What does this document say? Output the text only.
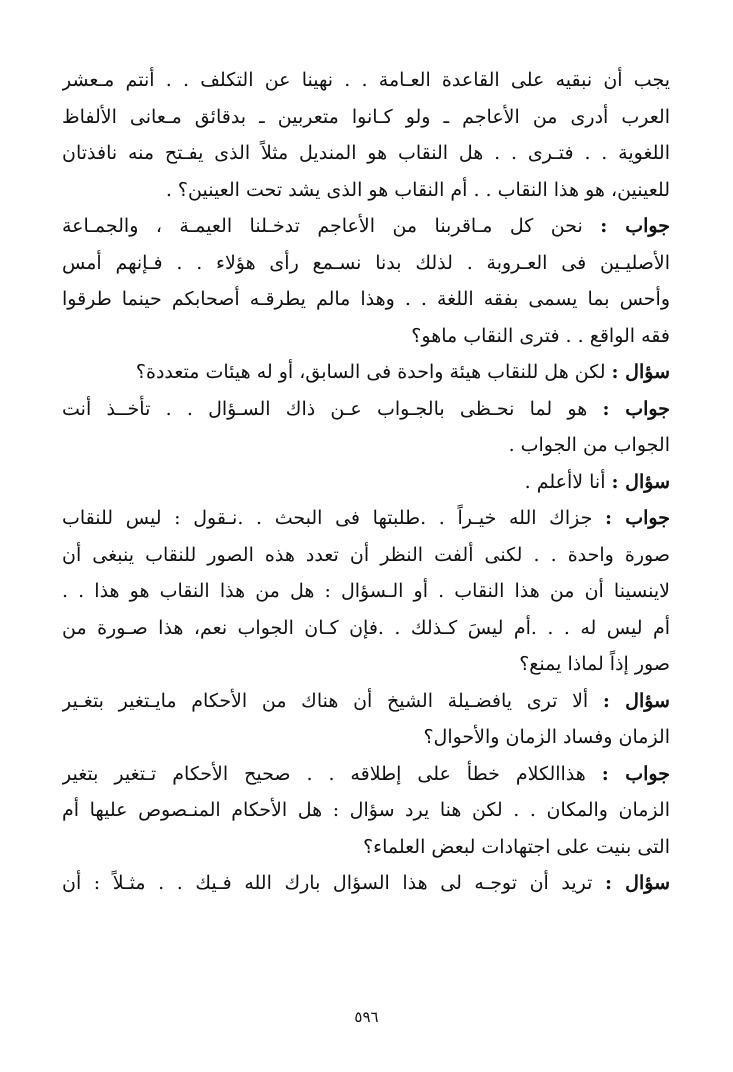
يجب أن نبقيه على القاعدة العـامة . . نهينا عن التكلف . . أنتم مـعشر
العرب أدرى من الأعاجم ـ ولو كـانوا متعربين ـ بدقائق مـعانى الألفاظ
اللغوية . . فتـرى . . هل النقاب هو المنديل مثلاً الذى يفـتح منه نافذتان
للعينين، هو هذا النقاب . . أم النقاب هو الذى يشد تحت العينين؟ .
جواب : نحن كل مـاقربنا من الأعاجم تدخـلنا العيمـة ، والجمـاعة
الأصليـين فى العـروبة . لذلك بدنا نسـمع رأى هؤلاء . . فـإنهم أمس
وأحس بما يسمى بفقه اللغة . . وهذا مالم يطرقـه أصحابكم حينما طرقوا
فقه الواقع . . فترى النقاب ماهو؟
سؤال : لكن هل للنقاب هيئة واحدة فى السابق، أو له هيئات متعددة؟
جواب : هو لما نحـظى بالجـواب عـن ذاك السـؤال . . تأخــذ أنت
الجواب من الجواب .
سؤال : أنا لاأعلم .
جواب : جزاك الله خيـراً . .طلبتها فى البحث . .نـقول : ليس للنقاب
صورة واحدة . . لكنى ألفت النظر أن تعدد هذه الصور للنقاب ينبغى أن
لاينسينا أن من هذا النقاب . أو الـسؤال : هل من هذا النقاب هو هذا . .
أم ليس له . . .أم ليسَ كـذلك . .فإن كـان الجواب نعم، هذا صـورة من
صور إذاً لماذا يمنع؟
سؤال : ألا ترى يافضـيلة الشيخ أن هناك من الأحكام مايـتغير بتغـير
الزمان وفساد الزمان والأحوال؟
جواب : هذاالكلام خطأ على إطلاقه . . صحيح الأحكام تـتغير بتغير
الزمان والمكان . . لكن هنا يرد سؤال : هل الأحكام المنـصوص عليها أم
التى بنيت على اجتهادات لبعض العلماء؟
سؤال : تريد أن توجـه لى هذا السؤال بارك الله فـيك . . مثـلاً : أن
٥٩٦
